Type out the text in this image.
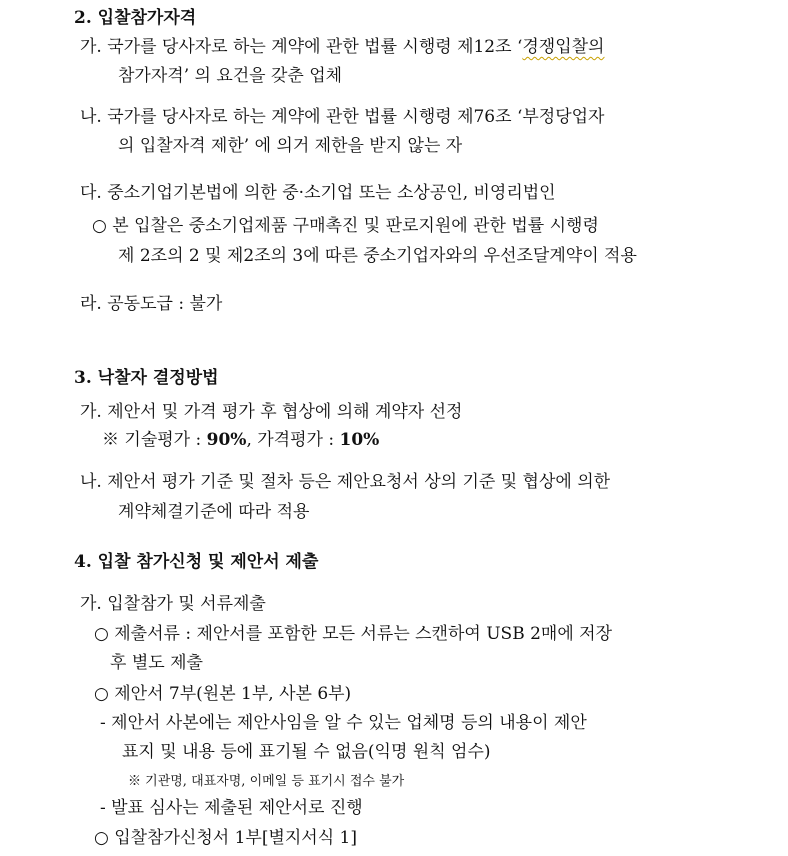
2. 입찰참가자격
가. 국가를 당사자로 하는 계약에 관한 법률 시행령 제12조 ‘경쟁입찰의
참가자격’ 의 요건을 갖춘 업체
나. 국가를 당사자로 하는 계약에 관한 법률 시행령 제76조 ‘부정당업자
의 입찰자격 제한’ 에 의거 제한을 받지 않는 자
다. 중소기업기본법에 의한 중·소기업 또는 소상공인, 비영리법인
○ 본 입찰은 중소기업제품 구매촉진 및 판로지원에 관한 법률 시행령
제 2조의 2 및 제2조의 3에 따른 중소기업자와의 우선조달계약이 적용
라. 공동도급 : 불가
3. 낙찰자 결정방법
가. 제안서 및 가격 평가 후 협상에 의해 계약자 선정
※ 기술평가 : 90%, 가격평가 : 10%
나. 제안서 평가 기준 및 절차 등은 제안요청서 상의 기준 및 협상에 의한
계약체결기준에 따라 적용
4. 입찰 참가신청 및 제안서 제출
가. 입찰참가 및 서류제출
○ 제출서류 : 제안서를 포함한 모든 서류는 스캔하여 USB 2매에 저장
후 별도 제출
○ 제안서 7부(원본 1부, 사본 6부)
- 제안서 사본에는 제안사임을 알 수 있는 업체명 등의 내용이 제안
표지 및 내용 등에 표기될 수 없음(익명 원칙 엄수)
※ 기관명, 대표자명, 이메일 등 표기시 접수 불가
- 발표 심사는 제출된 제안서로 진행
○ 입찰참가신청서 1부[별지서식 1]
